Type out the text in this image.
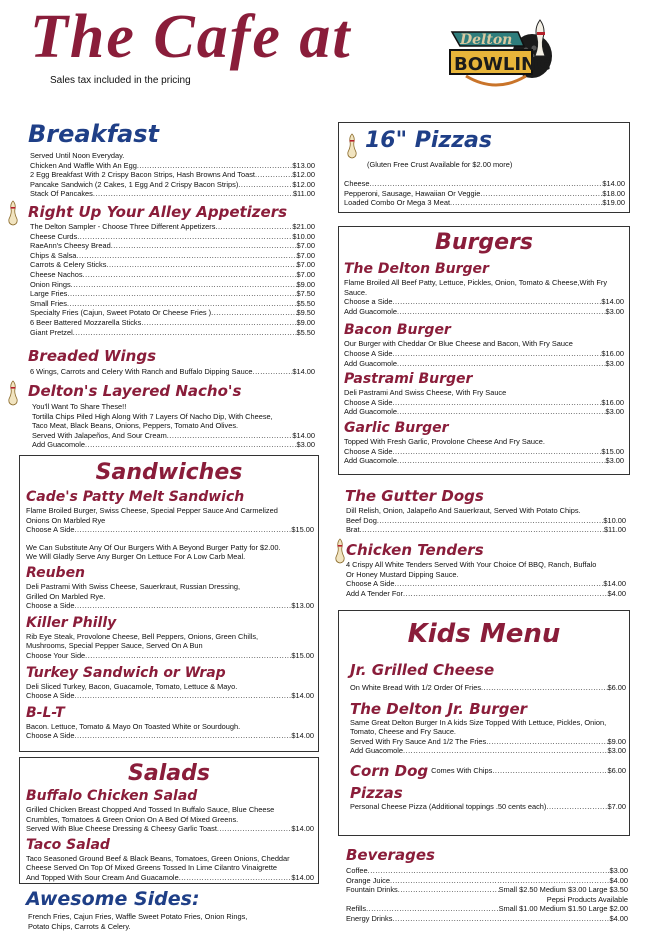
The Cafe at
Sales tax included in the pricing
Delton
BOWLING
Breakfast
Served Until Noon Everyday.
Chicken And Waffle With An Egg .....	$13.00
2 Egg Breakfast With 2 Crispy Bacon Strips, Hash Browns And Toast .....	$12.00
Pancake Sandwich (2 Cakes, 1 Egg And 2 Crispy Bacon Strips) .....	$12.00
Stack Of Pancakes .....	$11.00
Right Up Your Alley Appetizers
The Delton Sampler - Choose Three Different Appetizers .....	$21.00
Cheese Curds .....	$10.00
RaeAnn's Cheesy Bread .....	$7.00
Chips & Salsa .....	$7.00
Carrots & Celery Sticks .....	$7.00
Cheese Nachos .....	$7.00
Onion Rings .....	$9.00
Large Fries .....	$7.50
Small Fries .....	$5.50
Specialty Fries (Cajun, Sweet Potato Or Cheese Fries ) .....	$9.50
6 Beer Battered Mozzarella Sticks .....	$9.00
Giant Pretzel .....	$5.50
Breaded Wings
6 Wings, Carrots and Celery With Ranch and Buffalo Dipping Sauce .....	$14.00
Delton's Layered Nacho's
You'll Want To Share These!!
Tortilla Chips Piled High Along With 7 Layers Of Nacho Dip, With Cheese,
Taco Meat, Black Beans, Onions, Peppers, Tomato And Olives.
Served With Jalapeños, And Sour Cream .....	$14.00
Add Guacomole .....	$3.00
Sandwiches
Cade's Patty Melt Sandwich
Flame Broiled Burger, Swiss Cheese, Special Pepper Sauce And Carmelized
Onions On Marbled Rye
Choose A Side .....	$15.00
We Can Substitute Any Of Our Burgers With A Beyond Burger Patty for $2.00.
We Will Gladly Serve Any Burger On Lettuce For A Low Carb Meal.
Reuben
Deli Pastrami With Swiss Cheese, Sauerkraut, Russian Dressing,
Grilled On Marbled Rye.
Choose a Side .....	$13.00
Killer Philly
Rib Eye Steak, Provolone Cheese, Bell Peppers, Onions, Green Chills,
Mushrooms, Special Pepper Sauce, Served On A Bun
Choose Your Side .....	$15.00
Turkey Sandwich or Wrap
Deli Sliced Turkey, Bacon, Guacamole, Tomato, Lettuce & Mayo.
Choose A Side .....	$14.00
B-L-T
Bacon. Lettuce, Tomato & Mayo On Toasted White or Sourdough.
Choose A Side .....	$14.00
Salads
Buffalo Chicken Salad
Grilled Chicken Breast Chopped And Tossed In Buffalo Sauce, Blue Cheese
Crumbles, Tomatoes & Green Onion On A Bed Of Mixed Greens.
Served With Blue Cheese Dressing & Cheesy Garlic Toast .....	$14.00
Taco Salad
Taco Seasoned Ground Beef & Black Beans, Tomatoes, Green Onions, Cheddar
Cheese Served On Top Of Mixed Greens Tossed In Lime Cilantro Vinaigrette
And Topped With Sour Cream And Guacamole .....	$14.00
Awesome Sides:
French Fries, Cajun Fries, Waffle Sweet Potato Fries, Onion Rings,
Potato Chips, Carrots & Celery.
16" Pizzas
(Gluten Free Crust Available for $2.00 more)
Cheese .....	$14.00
Pepperoni, Sausage, Hawaiian Or Veggie .....	$18.00
Loaded Combo Or Mega 3 Meat .....	$19.00
Burgers
The Delton Burger
Flame Broiled All Beef Patty, Lettuce, Pickles, Onion, Tomato & Cheese,With Fry Sauce.
Choose a Side .....	$14.00
Add Guacomole .....	$3.00
Bacon Burger
Our Burger with Cheddar Or Blue Cheese and Bacon, With Fry Sauce
Choose A Side .....	$16.00
Add Guacomole .....	$3.00
Pastrami Burger
Deli Pastrami And Swiss Cheese, With Fry Sauce
Choose A Side .....	$16.00
Add Guacomole .....	$3.00
Garlic Burger
Topped With Fresh Garlic, Provolone Cheese And Fry Sauce.
Choose A Side .....	$15.00
Add Guacomole .....	$3.00
The Gutter Dogs
Dill Relish, Onion, Jalapeño And Sauerkraut, Served With Potato Chips.
Beef Dog .....	$10.00
Brat .....	$11.00
Chicken Tenders
4 Crispy All White Tenders Served With Your Choice Of BBQ, Ranch, Buffalo
Or Honey Mustard Dipping Sauce.
Choose A Side .....	$14.00
Add A Tender For .....	$4.00
Kids Menu
Jr. Grilled Cheese
On White Bread With 1/2 Order Of Fries .....	$6.00
The Delton Jr. Burger
Same Great Delton Burger In A kids Size Topped With Lettuce, Pickles, Onion,
Tomato, Cheese and Fry Sauce.
Served With Fry Sauce And 1/2 The Fries .....	$9.00
Add Guacomole .....	$3.00
Corn Dog Comes With Chips .....	$6.00
Pizzas
Personal Cheese Pizza (Additional toppings .50 cents each) .....	$7.00
Beverages
Coffee .....	$3.00
Orange Juice .....	$4.00
Fountain Drinks .....	Small $2.50 Medium $3.00 Large $3.50
Pepsi Products Available
Refills .....	Small $1.00 Medium $1.50 Large $2.00
Energy Drinks .....	$4.00
